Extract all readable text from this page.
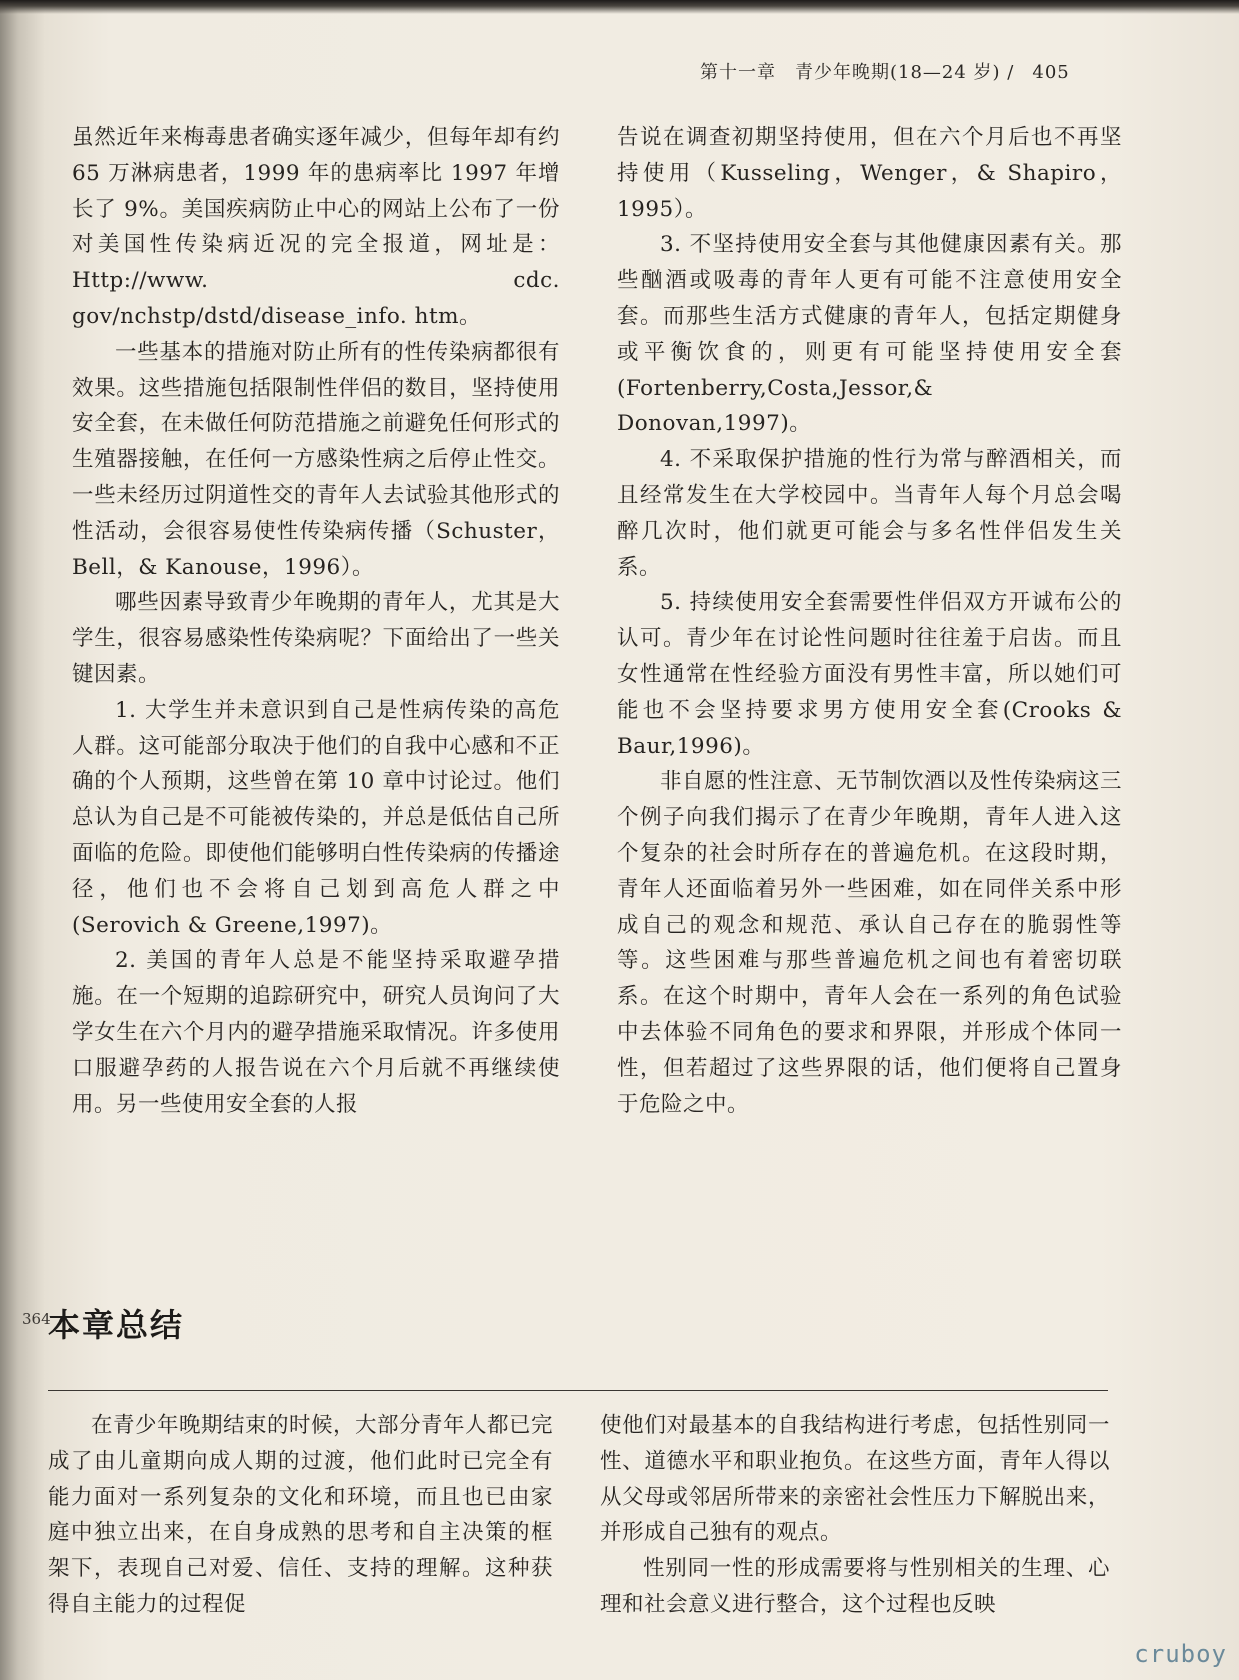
第十一章　青少年晚期(18—24 岁) / 405

虽然近年来梅毒患者确实逐年减少，但每年却有约 65 万淋病患者，1999 年的患病率比 1997 年增长了 9%。美国疾病防止中心的网站上公布了一份对美国性传染病近况的完全报道，网址是：Http://www. cdc. gov/nchstp/dstd/disease_info. htm。

一些基本的措施对防止所有的性传染病都很有效果。这些措施包括限制性伴侣的数目，坚持使用安全套，在未做任何防范措施之前避免任何形式的生殖器接触，在任何一方感染性病之后停止性交。一些未经历过阴道性交的青年人去试验其他形式的性活动，会很容易使性传染病传播（Schuster，Bell，& Kanouse，1996）。

哪些因素导致青少年晚期的青年人，尤其是大学生，很容易感染性传染病呢？下面给出了一些关键因素。

1. 大学生并未意识到自己是性病传染的高危人群。这可能部分取决于他们的自我中心感和不正确的个人预期，这些曾在第 10 章中讨论过。他们总认为自己是不可能被传染的，并总是低估自己所面临的危险。即使他们能够明白性传染病的传播途径，他们也不会将自己划到高危人群之中(Serovich & Greene,1997)。

2. 美国的青年人总是不能坚持采取避孕措施。在一个短期的追踪研究中，研究人员询问了大学女生在六个月内的避孕措施采取情况。许多使用口服避孕药的人报告说在六个月后就不再继续使用。另一些使用安全套的人报

告说在调查初期坚持使用，但在六个月后也不再坚持使用（Kusseling，Wenger，& Shapiro，1995）。

3. 不坚持使用安全套与其他健康因素有关。那些酗酒或吸毒的青年人更有可能不注意使用安全套。而那些生活方式健康的青年人，包括定期健身或平衡饮食的，则更有可能坚持使用安全套(Fortenberry,Costa,Jessor,& Donovan,1997)。

4. 不采取保护措施的性行为常与醉酒相关，而且经常发生在大学校园中。当青年人每个月总会喝醉几次时，他们就更可能会与多名性伴侣发生关系。

5. 持续使用安全套需要性伴侣双方开诚布公的认可。青少年在讨论性问题时往往羞于启齿。而且女性通常在性经验方面没有男性丰富，所以她们可能也不会坚持要求男方使用安全套(Crooks & Baur,1996)。

非自愿的性注意、无节制饮酒以及性传染病这三个例子向我们揭示了在青少年晚期，青年人进入这个复杂的社会时所存在的普遍危机。在这段时期，青年人还面临着另外一些困难，如在同伴关系中形成自己的观念和规范、承认自己存在的脆弱性等等。这些困难与那些普遍危机之间也有着密切联系。在这个时期中，青年人会在一系列的角色试验中去体验不同角色的要求和界限，并形成个体同一性，但若超过了这些界限的话，他们便将自己置身于危险之中。

364
本章总结

在青少年晚期结束的时候，大部分青年人都已完成了由儿童期向成人期的过渡，他们此时已完全有能力面对一系列复杂的文化和环境，而且也已由家庭中独立出来，在自身成熟的思考和自主决策的框架下，表现自己对爱、信任、支持的理解。这种获得自主能力的过程促

使他们对最基本的自我结构进行考虑，包括性别同一性、道德水平和职业抱负。在这些方面，青年人得以从父母或邻居所带来的亲密社会性压力下解脱出来，并形成自己独有的观点。

性别同一性的形成需要将与性别相关的生理、心理和社会意义进行整合，这个过程也反映

cruboy
